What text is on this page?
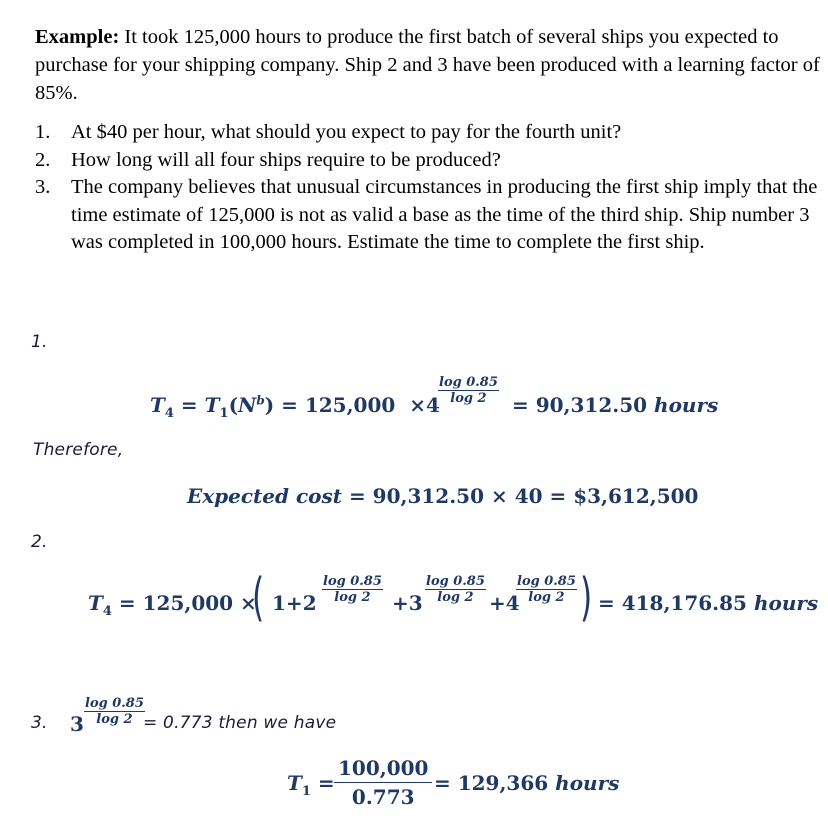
Example: It took 125,000 hours to produce the first batch of several ships you expected to purchase for your shipping company. Ship 2 and 3 have been produced with a learning factor of 85%.

1. At $40 per hour, what should you expect to pay for the fourth unit?
2. How long will all four ships require to be produced?
3. The company believes that unusual circumstances in producing the first ship imply that the time estimate of 125,000 is not as valid a base as the time of the third ship. Ship number 3 was completed in 100,000 hours. Estimate the time to complete the first ship.
1.
$T_4 = T_1(N^b) = 125,000 \times 4$
$\frac{\log 0.85}{\log 2} = 90,312.50$ hours
Therefore,
Expected cost = 90,312.50 × 40 = $3,612,500
2.
$T_4 = 125,000$ ×
( $1+2 \frac{\log 0.85}{\log 2} +3 \frac{\log 0.85}{\log 2} +4$
$\frac{\log 0.85}{\log 2}$ ) = 418,176.85 hours
3. $3 \frac{\log 0.85}{\log 2}$
= 0.773 then we have
$T_1 = \frac{100,000}{0.773} = 129,366$ hours
